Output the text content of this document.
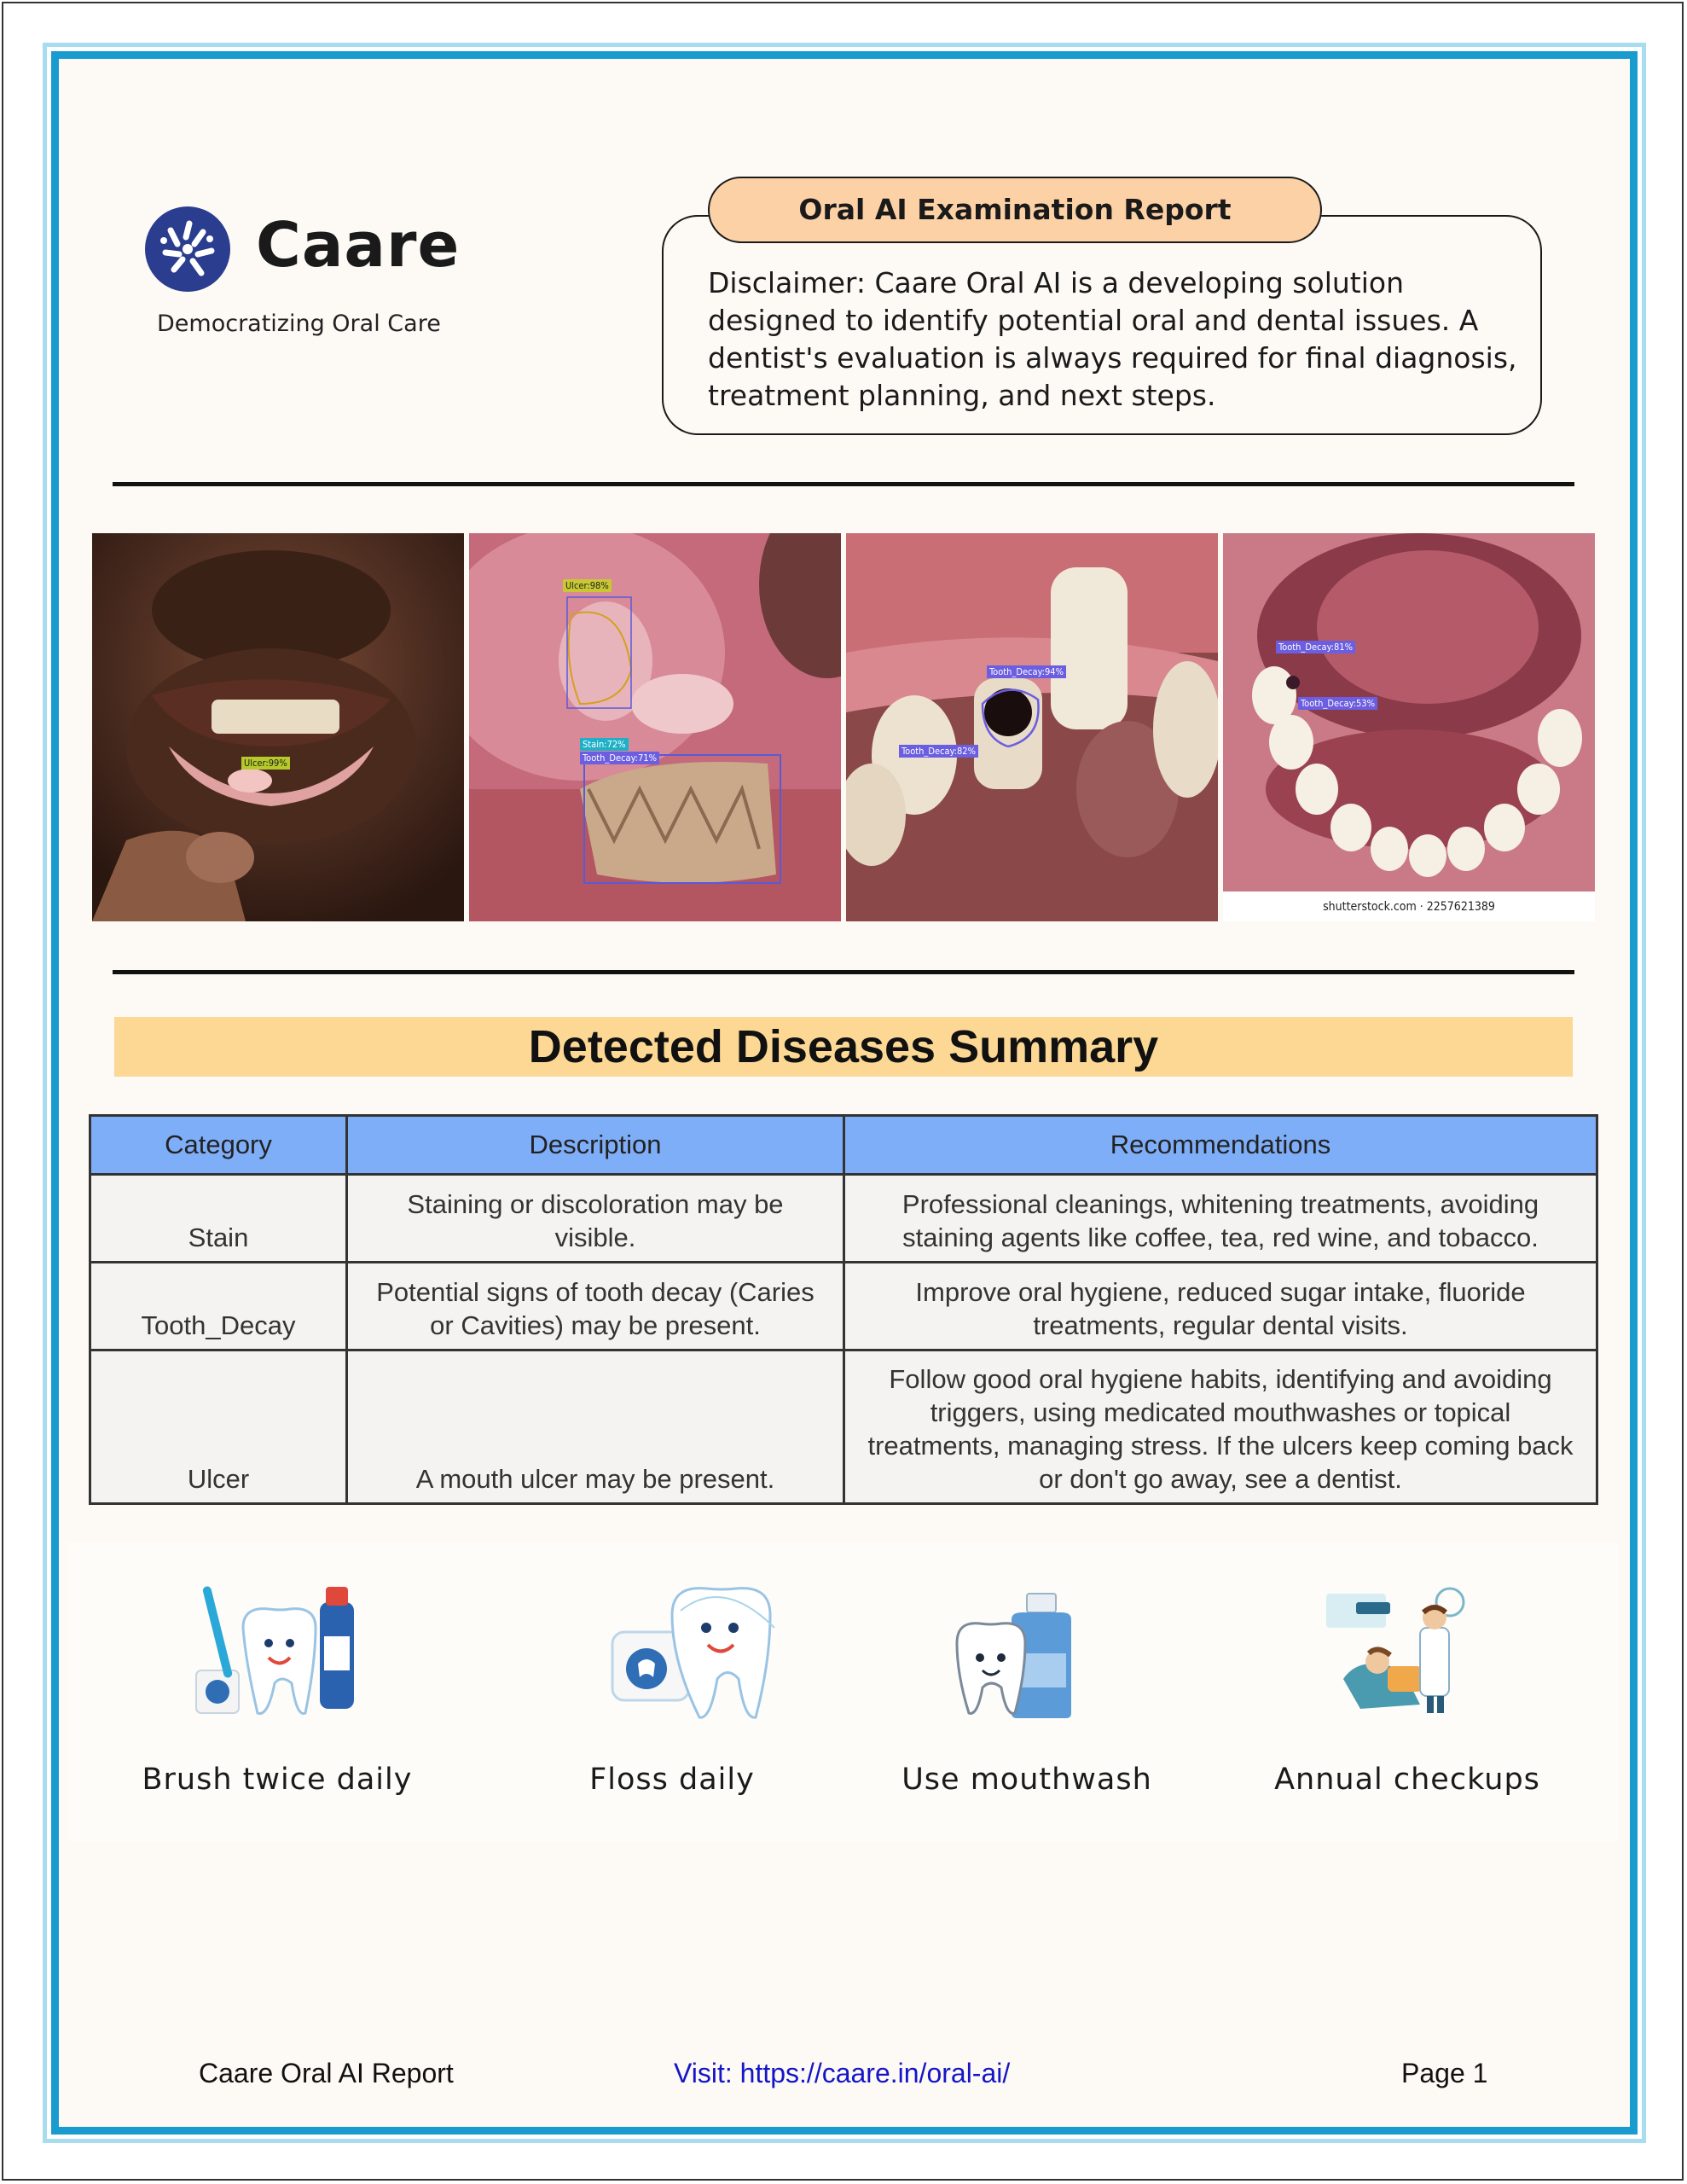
Caare
Democratizing Oral Care
Oral AI Examination Report
Disclaimer: Caare Oral AI is a developing solution designed to identify potential oral and dental issues. A dentist's evaluation is always required for final diagnosis, treatment planning, and next steps.
Ulcer:99%
Ulcer:98%
Stain:72%
Tooth_Decay:71%
Tooth_Decay:94%
Tooth_Decay:82%
Tooth_Decay:81%
Tooth_Decay:53%
shutterstock.com · 2257621389
Detected Diseases Summary
Category	Description	Recommendations
Stain	Staining or discoloration may be visible.	Professional cleanings, whitening treatments, avoiding staining agents like coffee, tea, red wine, and tobacco.
Tooth_Decay	Potential signs of tooth decay (Caries or Cavities) may be present.	Improve oral hygiene, reduced sugar intake, fluoride treatments, regular dental visits.
Ulcer	A mouth ulcer may be present.	Follow good oral hygiene habits, identifying and avoiding triggers, using medicated mouthwashes or topical treatments, managing stress. If the ulcers keep coming back or don't go away, see a dentist.
Brush twice daily	Floss daily	Use mouthwash	Annual checkups
Caare Oral AI Report	Visit: https://caare.in/oral-ai/	Page 1
